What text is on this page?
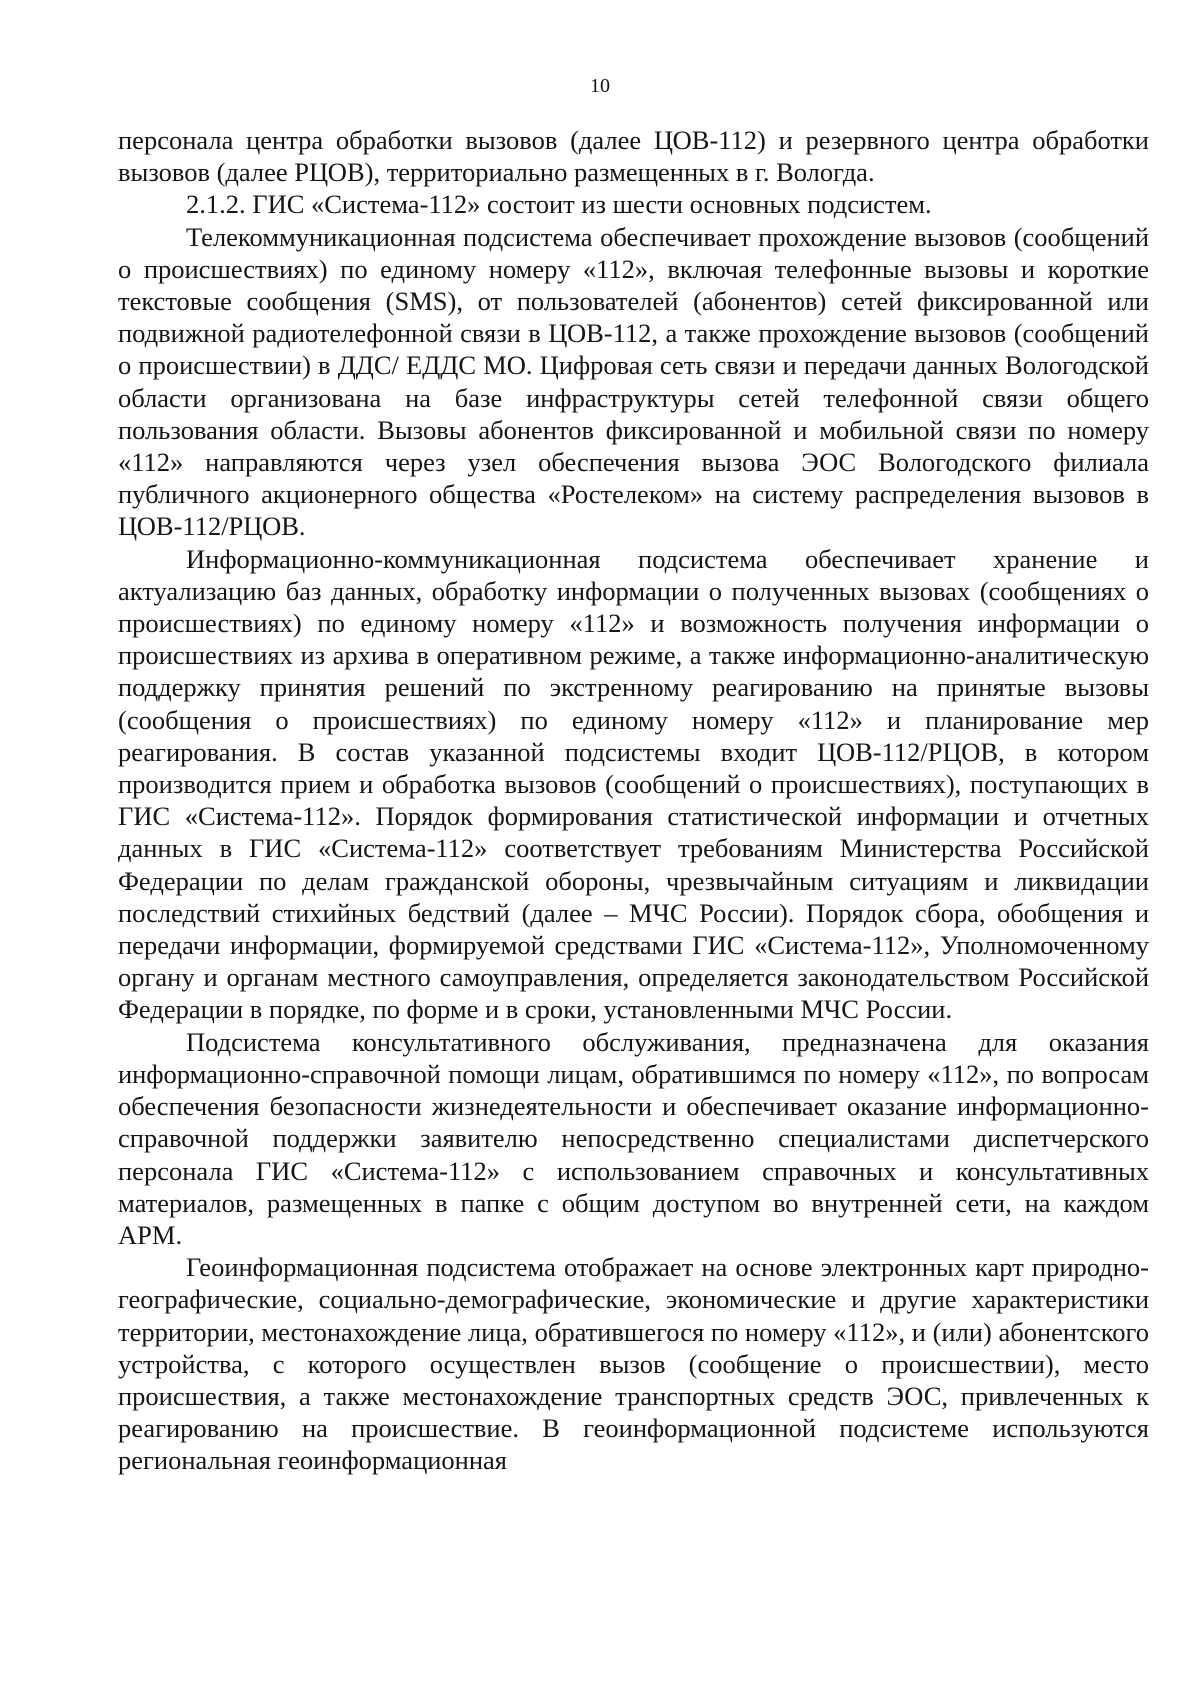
10

персонала центра обработки вызовов (далее ЦОВ-112) и резервного центра обработки вызовов (далее РЦОВ), территориально размещенных в г. Вологда.

2.1.2. ГИС «Система-112» состоит из шести основных подсистем.

Телекоммуникационная подсистема обеспечивает прохождение вызовов (сообщений о происшествиях) по единому номеру «112», включая телефонные вызовы и короткие текстовые сообщения (SMS), от пользователей (абонентов) сетей фиксированной или подвижной радиотелефонной связи в ЦОВ-112, а также прохождение вызовов (сообщений о происшествии) в ДДС/ ЕДДС МО. Цифровая сеть связи и передачи данных Вологодской области организована на базе инфраструктуры сетей телефонной связи общего пользования области. Вызовы абонентов фиксированной и мобильной связи по номеру «112» направляются через узел обеспечения вызова ЭОС Вологодского филиала публичного акционерного общества «Ростелеком» на систему распределения вызовов в ЦОВ-112/РЦОВ.

Информационно-коммуникационная подсистема обеспечивает хранение и актуализацию баз данных, обработку информации о полученных вызовах (сообщениях о происшествиях) по единому номеру «112» и возможность получения информации о происшествиях из архива в оперативном режиме, а также информационно-аналитическую поддержку принятия решений по экстренному реагированию на принятые вызовы (сообщения о происшествиях) по единому номеру «112» и планирование мер реагирования. В состав указанной подсистемы входит ЦОВ-112/РЦОВ, в котором производится прием и обработка вызовов (сообщений о происшествиях), поступающих в ГИС «Система-112». Порядок формирования статистической информации и отчетных данных в ГИС «Система-112» соответствует требованиям Министерства Российской Федерации по делам гражданской обороны, чрезвычайным ситуациям и ликвидации последствий стихийных бедствий (далее – МЧС России). Порядок сбора, обобщения и передачи информации, формируемой средствами ГИС «Система-112», Уполномоченному органу и органам местного самоуправления, определяется законодательством Российской Федерации в порядке, по форме и в сроки, установленными МЧС России.

Подсистема консультативного обслуживания, предназначена для оказания информационно-справочной помощи лицам, обратившимся по номеру «112», по вопросам обеспечения безопасности жизнедеятельности и обеспечивает оказание информационно-справочной поддержки заявителю непосредственно специалистами диспетчерского персонала ГИС «Система-112» с использованием справочных и консультативных материалов, размещенных в папке с общим доступом во внутренней сети, на каждом АРМ.

Геоинформационная подсистема отображает на основе электронных карт природно-географические, социально-демографические, экономические и другие характеристики территории, местонахождение лица, обратившегося по номеру «112», и (или) абонентского устройства, с которого осуществлен вызов (сообщение о происшествии), место происшествия, а также местонахождение транспортных средств ЭОС, привлеченных к реагированию на происшествие. В геоинформационной подсистеме используются региональная геоинформационная
